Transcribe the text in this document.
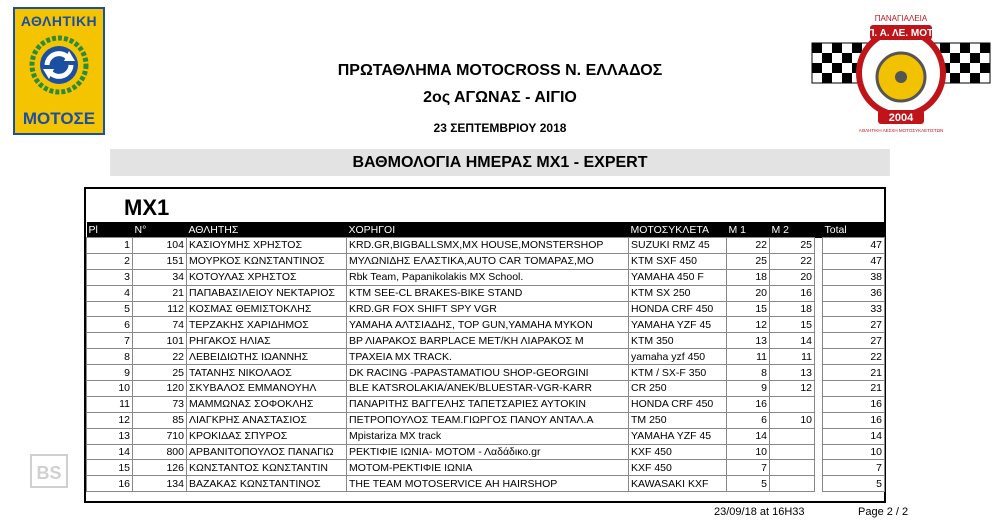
ΑΘΛΗΤΙΚΗ
ΜΟΤΟΣΕ
ΠΑΝΑΓΙΑΛΕΙΑ
Π. Α. ΛΕ. ΜΟΤ.
2004
ΑΘΛΗΤΙΚΗ ΛΕΣΧΗ ΜΟΤΟΣΥΚΛΕΤΙΣΤΩΝ
ΠΡΩΤΑΘΛΗΜΑ MOTOCROSS Ν. ΕΛΛΑΔΟΣ
2ος ΑΓΩΝΑΣ - ΑΙΓΙΟ
23 ΣΕΠΤΕΜΒΡΙΟΥ 2018
ΒΑΘΜΟΛΟΓΙΑ ΗΜΕΡΑΣ MX1 - EXPERT
MX1
Pl	N°	ΑΘΛΗΤΗΣ	ΧΟΡΗΓΟΙ	ΜΟΤΟΣΥΚΛΕΤΑ	Μ 1	Μ 2		Total
1	104	ΚΑΣΙΟΥΜΗΣ ΧΡΗΣΤΟΣ	KRD.GR,BIGBALLSMX,MX HOUSE,MONSTERSHOP	SUZUKI RMZ 45	22	25		47
2	151	ΜΟΥΡΚΟΣ ΚΩΝΣΤΑΝΤΙΝΟΣ	ΜΥΛΩΝΙΔΗΣ ΕΛΑΣΤΙΚΑ,AUTO CAR ΤΟΜΑΡΑΣ,ΜΟ	KTM SXF 450	25	22		47
3	34	ΚΟΤΟΥΛΑΣ ΧΡΗΣΤΟΣ	Rbk Team, Papanikolakis MX School.	YAMAHA 450 F	18	20		38
4	21	ΠΑΠΑΒΑΣΙΛΕΙΟΥ ΝΕΚΤΑΡΙΟΣ	KTM SEE-CL BRAKES-BIKE STAND	KTM SX 250	20	16		36
5	112	ΚΟΣΜΑΣ ΘΕΜΙΣΤΟΚΛΗΣ	KRD.GR FOX SHIFT SPY VGR	HONDA CRF 450	15	18		33
6	74	ΤΕΡΖΑΚΗΣ ΧΑΡΙΔΗΜΟΣ	YAMAHA ΑΛΤΣΙΑΔΗΣ, TOP GUN,YAMAHA MYKON	YAMAHA YZF 45	12	15		27
7	101	ΡΗΓΑΚΟΣ ΗΛΙΑΣ	ΒΡ ΛΙΑΡΑΚΟΣ BARPLACE ΜΕΤ/ΚΗ ΛΙΑΡΑΚΟΣ Μ	KTM 350	13	14		27
8	22	ΛΕΒΕΙΔΙΩΤΗΣ ΙΩΑΝΝΗΣ	ΤΡΑΧΕΙΑ MX TRACK.	yamaha yzf 450	11	11		22
9	25	ΤΑΤΑΝΗΣ ΝΙΚΟΛΑΟΣ	DK RACING -PAPASTAMATIOU SHOP-GEORGINI	KTM / SX-F 350	8	13		21
10	120	ΣΚΥΒΑΛΟΣ ΕΜΜΑΝΟΥΗΛ	BLE KATSROLAKIA/ANEK/BLUESTAR-VGR-KARR	CR 250	9	12		21
11	73	ΜΑΜΜΩΝΑΣ ΣΟΦΟΚΛΗΣ	ΠΑΝΑΡΙΤΗΣ ΒΑΓΓΕΛΗΣ ΤΑΠΕΤΣΑΡΙΕΣ ΑΥΤΟΚΙΝ	HONDA CRF 450	16			16
12	85	ΛΙΑΓΚΡΗΣ ΑΝΑΣΤΑΣΙΟΣ	ΠΕΤΡΟΠΟΥΛΟΣ TEAM.ΓΙΩΡΓΟΣ ΠΑΝΟΥ ΑΝΤΑΛ.Α	TM 250	6	10		16
13	710	ΚΡΟΚΙΔΑΣ ΣΠΥΡΟΣ	Mpistariza MX track	YAMAHA YZF 45	14			14
14	800	ΑΡΒΑΝΙΤΟΠΟΥΛΟΣ ΠΑΝΑΓΙΩ	ΡΕΚΤΙΦΙΕ ΙΩΝΙΑ- ΜΟΤΟΜ - Λαδάδικο.gr	KXF 450	10			10
15	126	ΚΩΝΣΤΑΝΤΟΣ ΚΩΝΣΤΑΝΤΙΝ	ΜΟΤΟΜ-ΡΕΚΤΙΦΙΕ ΙΩΝΙΑ	KXF 450	7			7
16	134	ΒΑΖΑΚΑΣ ΚΩΝΣΤΑΝΤΙΝΟΣ	THE TEAM MOTOSERVICE ΑΗ HAIRSHOP	KAWASAKI KXF	5			5
BS
23/09/18 at 16H33	Page 2 / 2
